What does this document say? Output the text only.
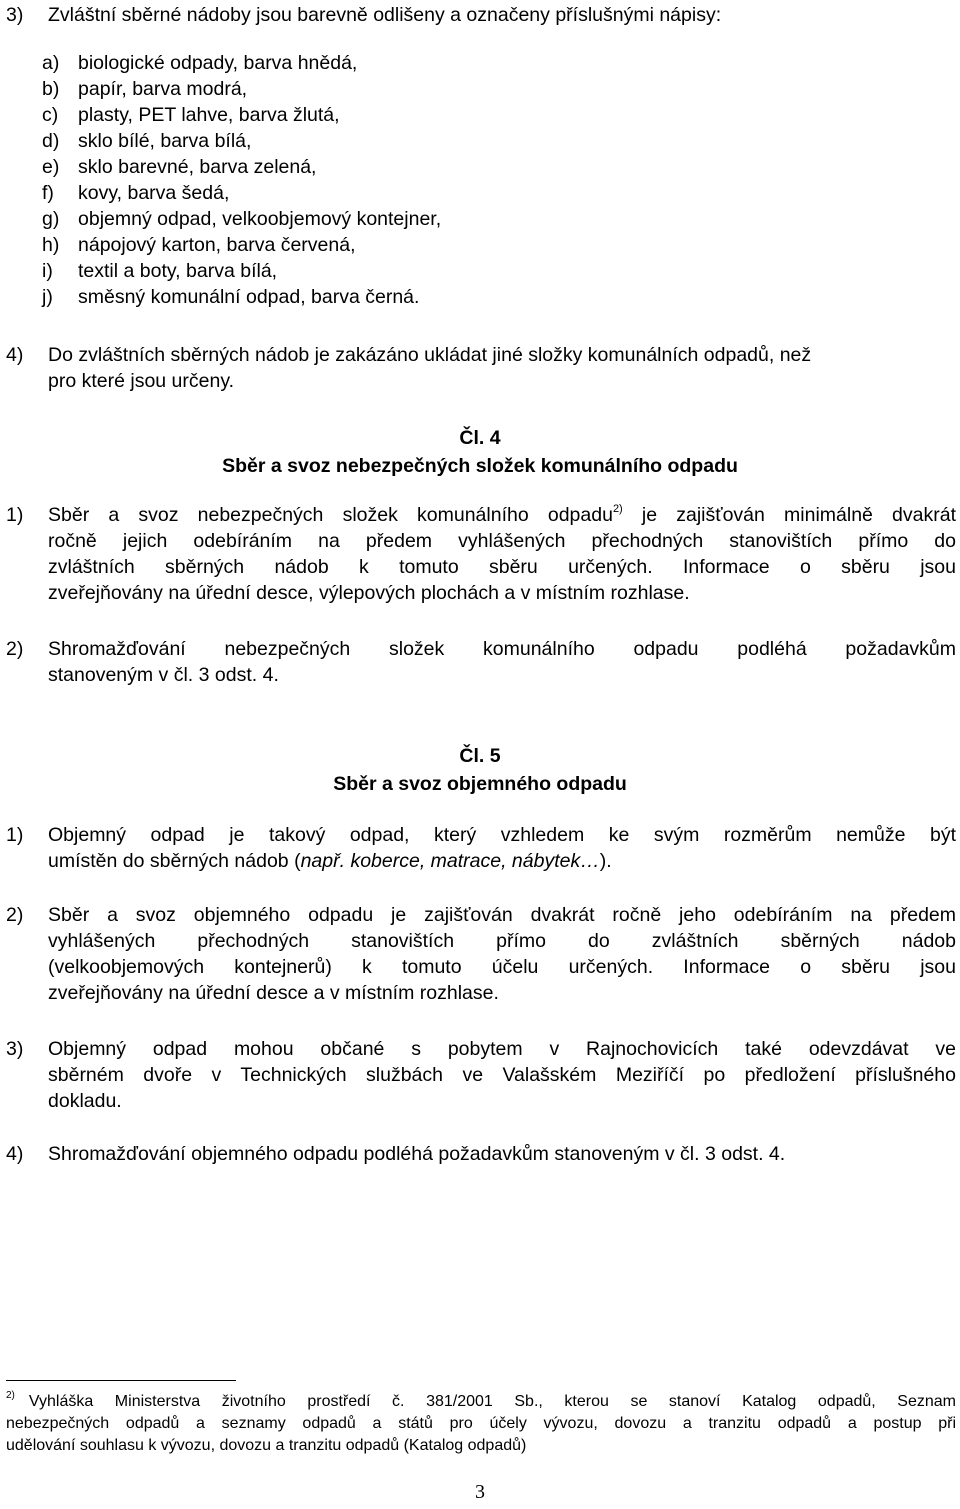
3) Zvláštní sběrné nádoby jsou barevně odlišeny a označeny příslušnými nápisy:
a) biologické odpady, barva hnědá,
b) papír, barva modrá,
c) plasty, PET lahve, barva žlutá,
d) sklo bílé, barva bílá,
e) sklo barevné, barva zelená,
f) kovy, barva šedá,
g) objemný odpad, velkoobjemový kontejner,
h) nápojový karton, barva červená,
i) textil a boty, barva bílá,
j) směsný komunální odpad, barva černá.
4) Do zvláštních sběrných nádob je zakázáno ukládat jiné složky komunálních odpadů, než
pro které jsou určeny.
Čl. 4
Sběr a svoz nebezpečných složek komunálního odpadu
1) Sběr a svoz nebezpečných složek komunálního odpadu$^{2)}$ je zajišťován minimálně dvakrát
ročně jejich odebíráním na předem vyhlášených přechodných stanovištích přímo do
zvláštních sběrných nádob k tomuto sběru určených. Informace o sběru jsou
zveřejňovány na úřední desce, výlepových plochách a v místním rozhlase.
2) Shromažďování nebezpečných složek komunálního odpadu podléhá požadavkům
stanoveným v čl. 3 odst. 4.
Čl. 5
Sběr a svoz objemného odpadu
1) Objemný odpad je takový odpad, který vzhledem ke svým rozměrům nemůže být
umístěn do sběrných nádob (např. koberce, matrace, nábytek…).
2) Sběr a svoz objemného odpadu je zajišťován dvakrát ročně jeho odebíráním na předem
vyhlášených přechodných stanovištích přímo do zvláštních sběrných nádob
(velkoobjemových kontejnerů) k tomuto účelu určených. Informace o sběru jsou
zveřejňovány na úřední desce a v místním rozhlase.
3) Objemný odpad mohou občané s pobytem v Rajnochovicích také odevzdávat ve
sběrném dvoře v Technických službách ve Valašském Meziříčí po předložení příslušného
dokladu.
4) Shromažďování objemného odpadu podléhá požadavkům stanoveným v čl. 3 odst. 4.
$^{2)}$ Vyhláška Ministerstva životního prostředí č. 381/2001 Sb., kterou se stanoví Katalog odpadů, Seznam
nebezpečných odpadů a seznamy odpadů a států pro účely vývozu, dovozu a tranzitu odpadů a postup při
udělování souhlasu k vývozu, dovozu a tranzitu odpadů (Katalog odpadů)
3
